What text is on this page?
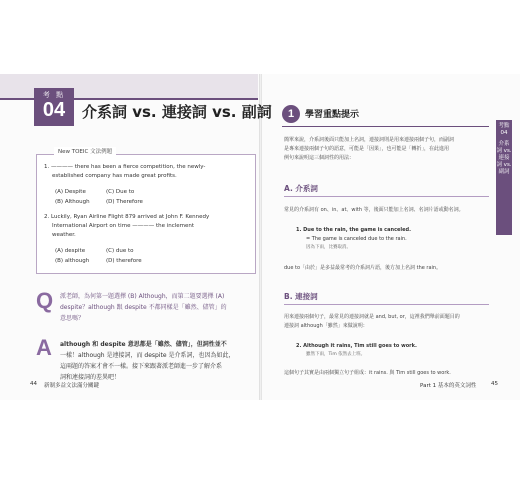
考 點
04	介系詞 vs. 連接詞 vs. 副詞
New TOEIC 文法例題
1. ———— there has been a fierce competition, the newly-
established company has made great profits.
(A) Despite	(C) Due to
(B) Although	(D) Therefore
2. Luckily, Ryan Airline Flight 879 arrived at John F. Kennedy
International Airport on time ———— the inclement
weather.
(A) despite	(C) due to
(B) although	(D) therefore
Q 派老師，為何第一題選擇 (B) Although，而第二題要選擇 (A)
despite？although 跟 despite 不都同樣是「雖然、儘管」的
意思嗎？
A although 和 despite 意思都是「雖然、儘管」，但詞性並不
一樣！although 是連接詞，而 despite 是介系詞，也因為如此，
這兩題的答案才會不一樣。接下來跟著派老師進一步了解介系
詞和連接詞的差異吧！
44 新制多益文法滿分關鍵
1	學習重點提示
簡單來說，介系詞後面只能加上名詞，連接詞則是用來連接兩個子句，而副詞
是專來連接兩個子句的語意，可能是「因果」，也可能是「轉折」，在此進用
例句來說明這三個詞性的用法：
A. 介系詞
常見的介系詞有 on、in、at、with 等，後面只能加上名詞、名詞片語或動名詞。
1. Due to the rain, the game is canceled.
= The game is canceled due to the rain.
因為下雨，比賽取消。
due to「由於」是多益最常考的介系詞片語，後方加上名詞 the rain。
B. 連接詞
用來連接兩個句子，最常見的連接詞就是 and, but, or，這裡我們舉前面題目的
連接詞 although「雖然」來做說明：
2. Although it rains, Tim still goes to work.
雖然下雨，Tim 依然去上班。
這個句子其實是由兩個獨立句子組成：it rains. 與 Tim still goes to work.
Part 1 基本的英文詞性	45
考點 04
介系詞 vs. 連接詞 vs. 副詞
